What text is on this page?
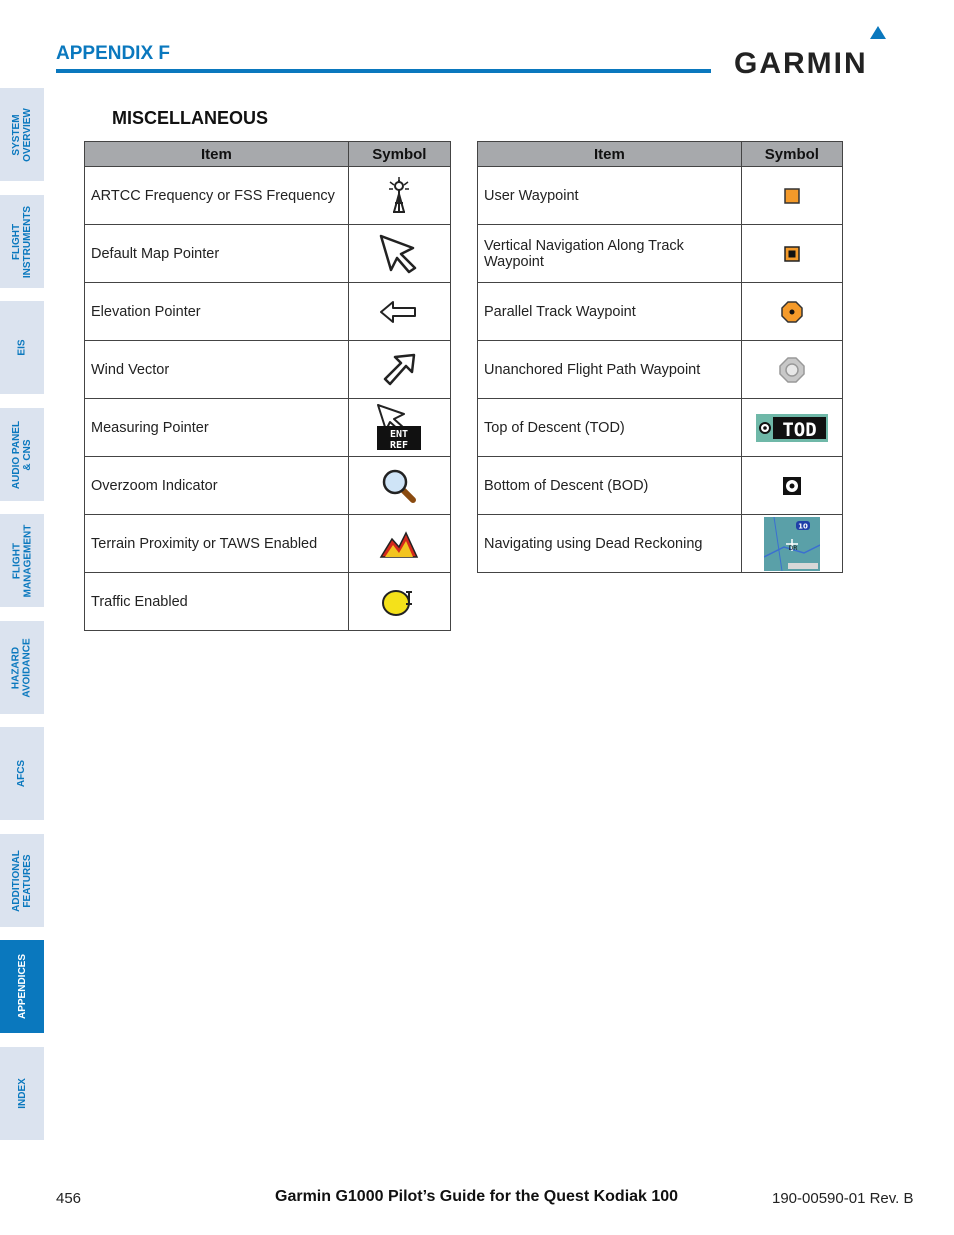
APPENDIX F	GARMIN
SYSTEM OVERVIEW
FLIGHT INSTRUMENTS
EIS
AUDIO PANEL & CNS
FLIGHT MANAGEMENT
HAZARD AVOIDANCE
AFCS
ADDITIONAL FEATURES
APPENDICES
INDEX
MISCELLANEOUS
Item	Symbol
ARTCC Frequency or FSS Frequency	

Default Map Pointer	

Elevation Pointer	

Wind Vector	

Measuring Pointer	ENT
REF

Overzoom Indicator	

Terrain Proximity or TAWS Enabled	

Traffic Enabled	
Item	Symbol
User Waypoint	

Vertical Navigation Along Track Waypoint	

Parallel Track Waypoint	

Unanchored Flight Path Waypoint	

Top of Descent (TOD)	TOD

Bottom of Descent (BOD)	

Navigating using Dead Reckoning	10
DR
456	Garmin G1000 Pilot’s Guide for the Quest Kodiak 100	190-00590-01 Rev. B
